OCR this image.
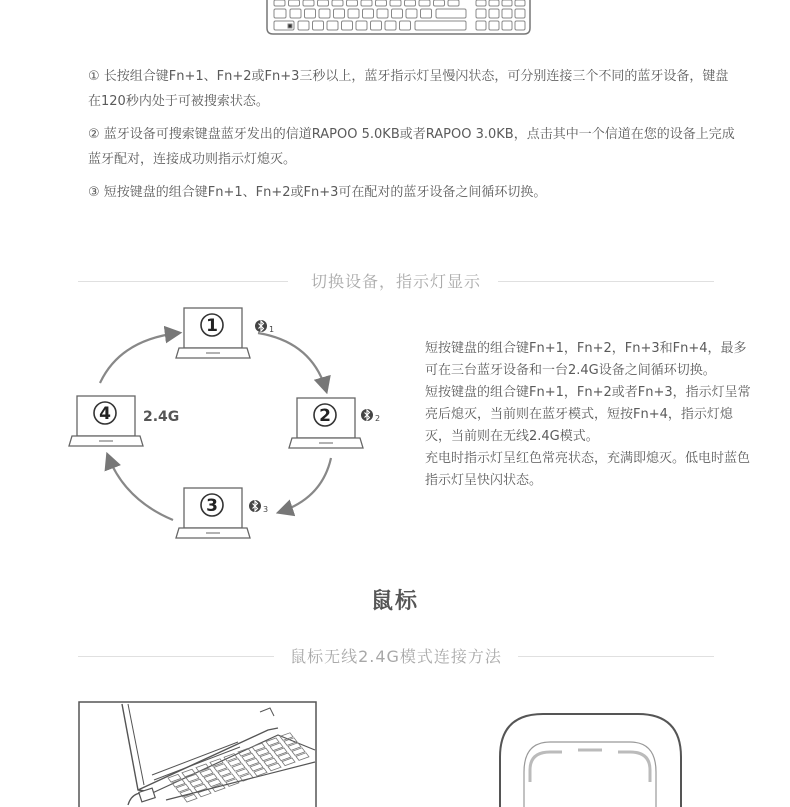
① 长按组合键Fn+1、Fn+2或Fn+3三秒以上，蓝牙指示灯呈慢闪状态，可分别连接三个不同的蓝牙设备，键盘在120秒内处于可被搜索状态。
② 蓝牙设备可搜索键盘蓝牙发出的信道RAPOO 5.0KB或者RAPOO 3.0KB，点击其中一个信道在您的设备上完成蓝牙配对，连接成功则指示灯熄灭。
③ 短按键盘的组合键Fn+1、Fn+2或Fn+3可在配对的蓝牙设备之间循环切换。
切换设备，指示灯显示
1	1
2	2
3	3
4 2.4G

短按键盘的组合键Fn+1，Fn+2，Fn+3和Fn+4，最多可在三台蓝牙设备和一台2.4G设备之间循环切换。

短按键盘的组合键Fn+1，Fn+2或者Fn+3，指示灯呈常亮后熄灭，当前则在蓝牙模式，短按Fn+4，指示灯熄灭，当前则在无线2.4G模式。

充电时指示灯呈红色常亮状态，充满即熄灭。低电时蓝色指示灯呈快闪状态。

鼠标
鼠标无线2.4G模式连接方法
